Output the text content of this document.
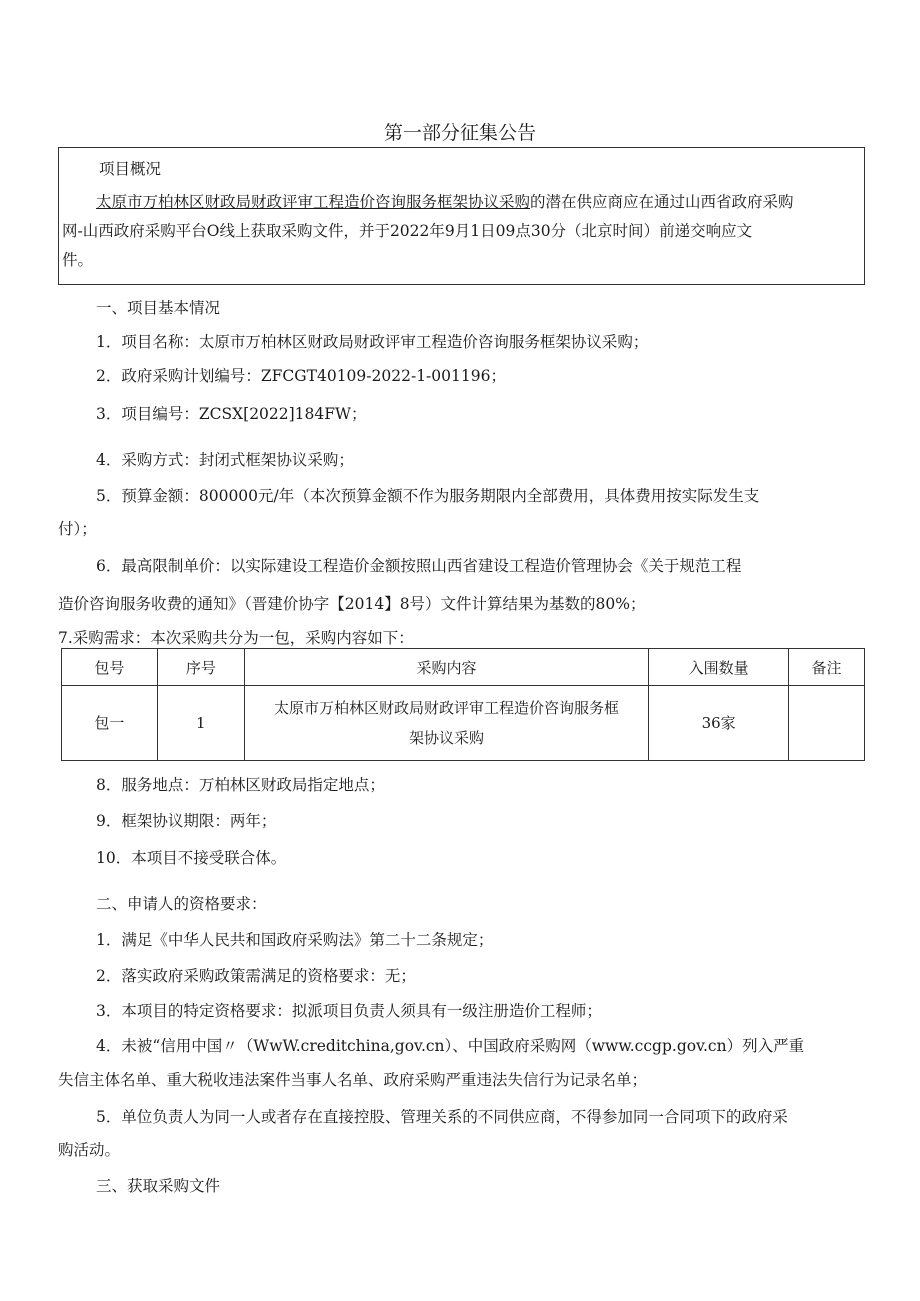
第一部分征集公告
项目概况
太原市万柏林区财政局财政评审工程造价咨询服务框架协议采购的潜在供应商应在通过山西省政府采购
网-山西政府采购平台O线上获取采购文件，并于2022年9月1日09点30分（北京时间）前递交响应文
件。
一、项目基本情况
1．项目名称：太原市万柏林区财政局财政评审工程造价咨询服务框架协议采购；
2．政府采购计划编号：ZFCGT40109-2022-1-001196；
3．项目编号：ZCSX[2022]184FW；
4．采购方式：封闭式框架协议采购；
5．预算金额：800000元/年（本次预算金额不作为服务期限内全部费用，具体费用按实际发生支
付）；
6．最高限制单价：以实际建设工程造价金额按照山西省建设工程造价管理协会《关于规范工程
造价咨询服务收费的通知》（晋建价协字【2014】8号）文件计算结果为基数的80%；
7.采购需求：本次采购共分为一包，采购内容如下：
包号	序号	采购内容	入围数量	备注
包一	1	太原市万柏林区财政局财政评审工程造价咨询服务框
架协议采购	36家	
8．服务地点：万柏林区财政局指定地点；
9．框架协议期限：两年；
10．本项目不接受联合体。
二、申请人的资格要求：
1．满足《中华人民共和国政府采购法》第二十二条规定；
2．落实政府采购政策需满足的资格要求：无；
3．本项目的特定资格要求：拟派项目负责人须具有一级注册造价工程师；
4．未被“信用中国〃（WwW.creditchina,gov.cn）、中国政府采购网（www.ccgp.gov.cn）列入严重
失信主体名单、重大税收违法案件当事人名单、政府采购严重违法失信行为记录名单；
5．单位负责人为同一人或者存在直接控股、管理关系的不同供应商，不得参加同一合同项下的政府采
购活动。
三、获取采购文件
